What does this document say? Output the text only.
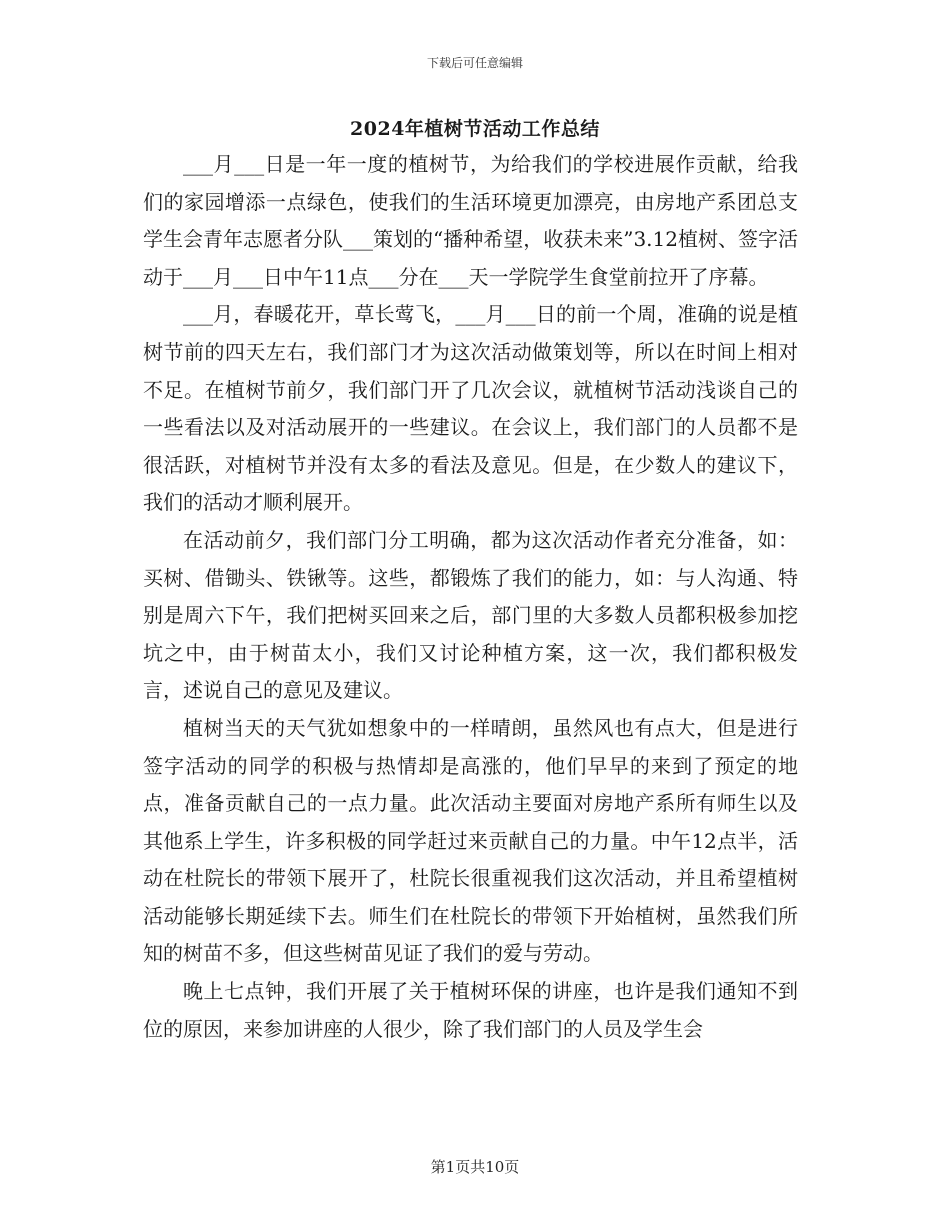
下载后可任意编辑
2024年植树节活动工作总结

___月___日是一年一度的植树节，为给我们的学校进展作贡献，给我们的家园增添一点绿色，使我们的生活环境更加漂亮，由房地产系团总支学生会青年志愿者分队___策划的“播种希望，收获未来”3.12植树、签字活动于___月___日中午11点___分在___天一学院学生食堂前拉开了序幕。

___月，春暖花开，草长莺飞，___月___日的前一个周，准确的说是植树节前的四天左右，我们部门才为这次活动做策划等，所以在时间上相对不足。在植树节前夕，我们部门开了几次会议，就植树节活动浅谈自己的一些看法以及对活动展开的一些建议。在会议上，我们部门的人员都不是很活跃，对植树节并没有太多的看法及意见。但是，在少数人的建议下，我们的活动才顺利展开。

在活动前夕，我们部门分工明确，都为这次活动作者充分准备，如：买树、借锄头、铁锹等。这些，都锻炼了我们的能力，如：与人沟通、特别是周六下午，我们把树买回来之后，部门里的大多数人员都积极参加挖坑之中，由于树苗太小，我们又讨论种植方案，这一次，我们都积极发言，述说自己的意见及建议。

植树当天的天气犹如想象中的一样晴朗，虽然风也有点大，但是进行签字活动的同学的积极与热情却是高涨的，他们早早的来到了预定的地点，准备贡献自己的一点力量。此次活动主要面对房地产系所有师生以及其他系上学生，许多积极的同学赶过来贡献自己的力量。中午12点半，活动在杜院长的带领下展开了，杜院长很重视我们这次活动，并且希望植树活动能够长期延续下去。师生们在杜院长的带领下开始植树，虽然我们所知的树苗不多，但这些树苗见证了我们的爱与劳动。

晚上七点钟，我们开展了关于植树环保的讲座，也许是我们通知不到位的原因，来参加讲座的人很少，除了我们部门的人员及学生会

第1页共10页
